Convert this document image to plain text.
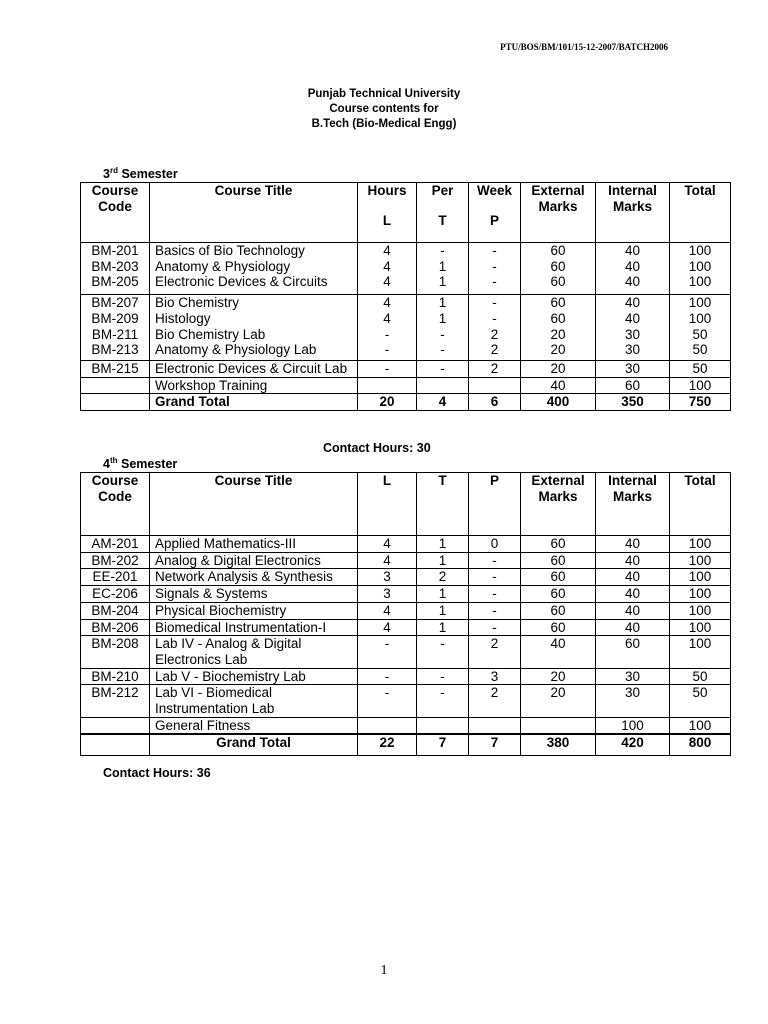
PTU/BOS/BM/101/15-12-2007/BATCH2006
Punjab Technical University
Course contents for
B.Tech (Bio-Medical Engg)
3rd Semester
Course Code	Course Title	Hours	Per	Week	External Marks	Internal Marks	Total
		L	T	P			
BM-201	Basics of Bio Technology	4	-	-	60	40	100
BM-203	Anatomy & Physiology	4	1	-	60	40	100
BM-205	Electronic Devices & Circuits	4	1	-	60	40	100
BM-207	Bio Chemistry	4	1	-	60	40	100
BM-209	Histology	4	1	-	60	40	100
BM-211	Bio Chemistry Lab	-	-	2	20	30	50
BM-213	Anatomy & Physiology Lab	-	-	2	20	30	50
BM-215	Electronic Devices & Circuit Lab	-	-	2	20	30	50
	Workshop Training				40	60	100
	Grand Total	20	4	6	400	350	750
Contact Hours: 30
4th Semester
Course Code	Course Title	L	T	P	External Marks	Internal Marks	Total
AM-201	Applied Mathematics-III	4	1	0	60	40	100
BM-202	Analog & Digital Electronics	4	1	-	60	40	100
EE-201	Network Analysis & Synthesis	3	2	-	60	40	100
EC-206	Signals & Systems	3	1	-	60	40	100
BM-204	Physical Biochemistry	4	1	-	60	40	100
BM-206	Biomedical Instrumentation-I	4	1	-	60	40	100
BM-208	Lab IV - Analog & Digital Electronics Lab	-	-	2	40	60	100
BM-210	Lab V - Biochemistry Lab	-	-	3	20	30	50
BM-212	Lab VI - Biomedical Instrumentation Lab	-	-	2	20	30	50
	General Fitness					100	100
	Grand Total	22	7	7	380	420	800
Contact Hours: 36
1
